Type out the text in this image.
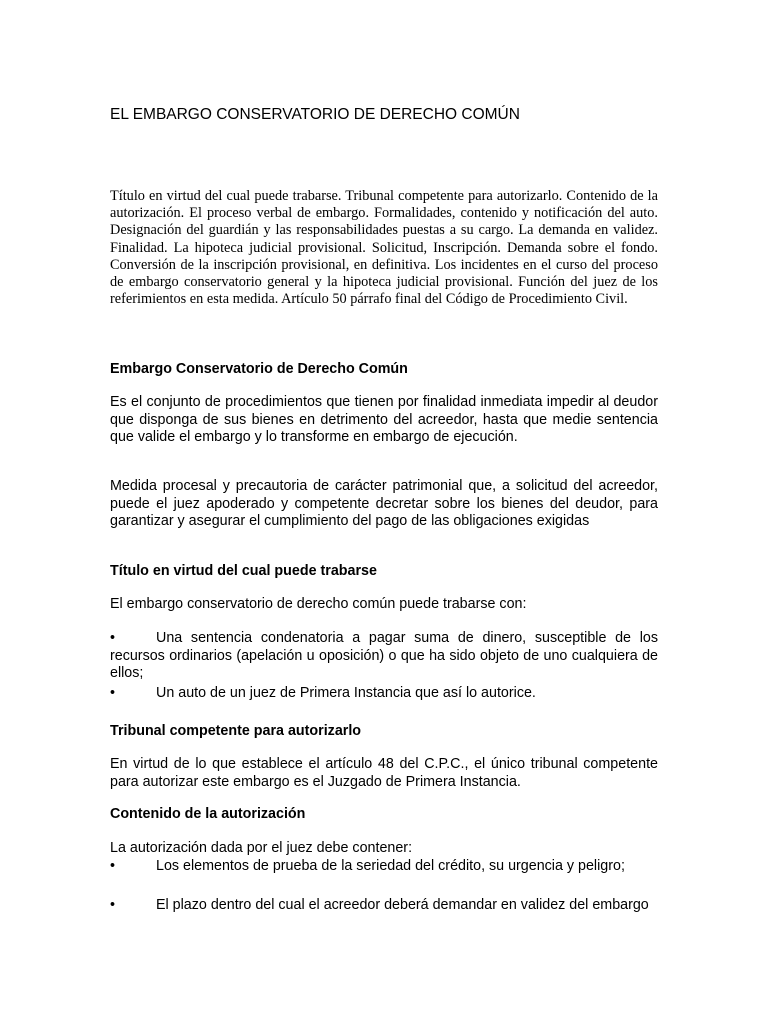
EL EMBARGO CONSERVATORIO DE DERECHO COMÚN

Título en virtud del cual puede trabarse. Tribunal competente para autorizarlo. Contenido de la autorización. El proceso verbal de embargo. Formalidades, contenido y notificación del auto. Designación del guardián y las responsabilidades puestas a su cargo. La demanda en validez. Finalidad. La hipoteca judicial provisional. Solicitud, Inscripción. Demanda sobre el fondo. Conversión de la inscripción provisional, en definitiva. Los incidentes en el curso del proceso de embargo conservatorio general y la hipoteca judicial provisional. Función del juez de los referimientos en esta medida. Artículo 50 párrafo final del Código de Procedimiento Civil.

Embargo Conservatorio de Derecho Común

Es el conjunto de procedimientos que tienen por finalidad inmediata impedir al deudor que disponga de sus bienes en detrimento del acreedor, hasta que medie sentencia que valide el embargo y lo transforme en embargo de ejecución.

Medida procesal y precautoria de carácter patrimonial que, a solicitud del acreedor, puede el juez apoderado y competente decretar sobre los bienes del deudor, para garantizar y asegurar el cumplimiento del pago de las obligaciones exigidas

Título en virtud del cual puede trabarse

El embargo conservatorio de derecho común puede trabarse con:

•	Una sentencia condenatoria a pagar suma de dinero, susceptible de los recursos ordinarios (apelación u oposición) o que ha sido objeto de uno cualquiera de ellos;

•	Un auto de un juez de Primera Instancia que así lo autorice.

Tribunal competente para autorizarlo

En virtud de lo que establece el artículo 48 del C.P.C., el único tribunal competente para autorizar este embargo es el Juzgado de Primera Instancia.

Contenido de la autorización

La autorización dada por el juez debe contener:

•	Los elementos de prueba de la seriedad del crédito, su urgencia y peligro;

•	El plazo dentro del cual el acreedor deberá demandar en validez del embargo
